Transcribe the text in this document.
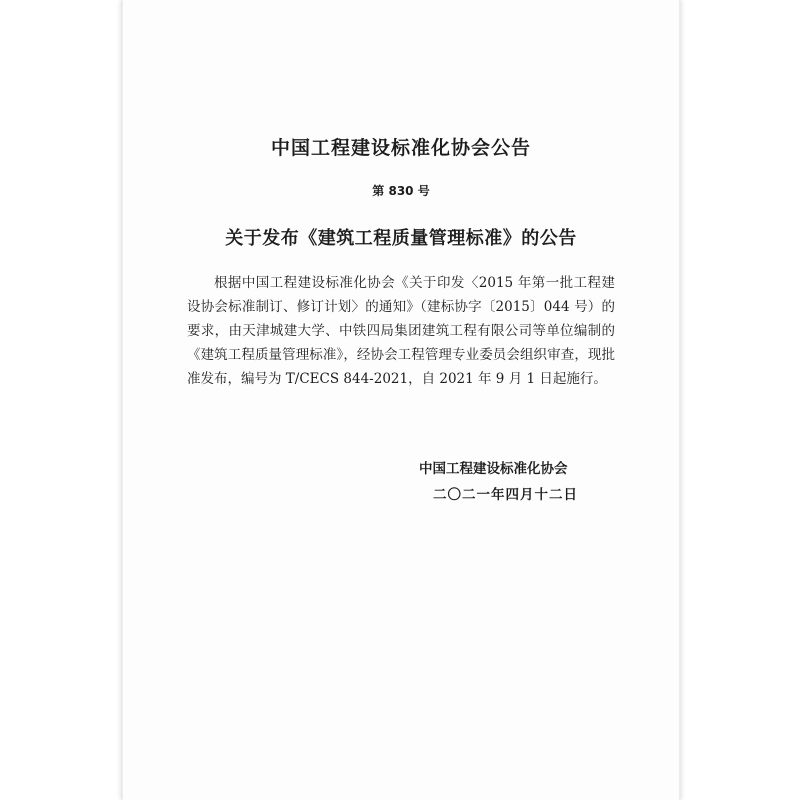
中国工程建设标准化协会公告
第 830 号
关于发布《建筑工程质量管理标准》的公告

根据中国工程建设标准化协会《关于印发〈2015 年第一批工程建设协会标准制订、修订计划〉的通知》（建标协字〔2015〕044 号）的要求，由天津城建大学、中铁四局集团建筑工程有限公司等单位编制的《建筑工程质量管理标准》，经协会工程管理专业委员会组织审查，现批准发布，编号为 T/CECS 844-2021，自 2021 年 9 月 1 日起施行。

中国工程建设标准化协会
二〇二一年四月十二日
